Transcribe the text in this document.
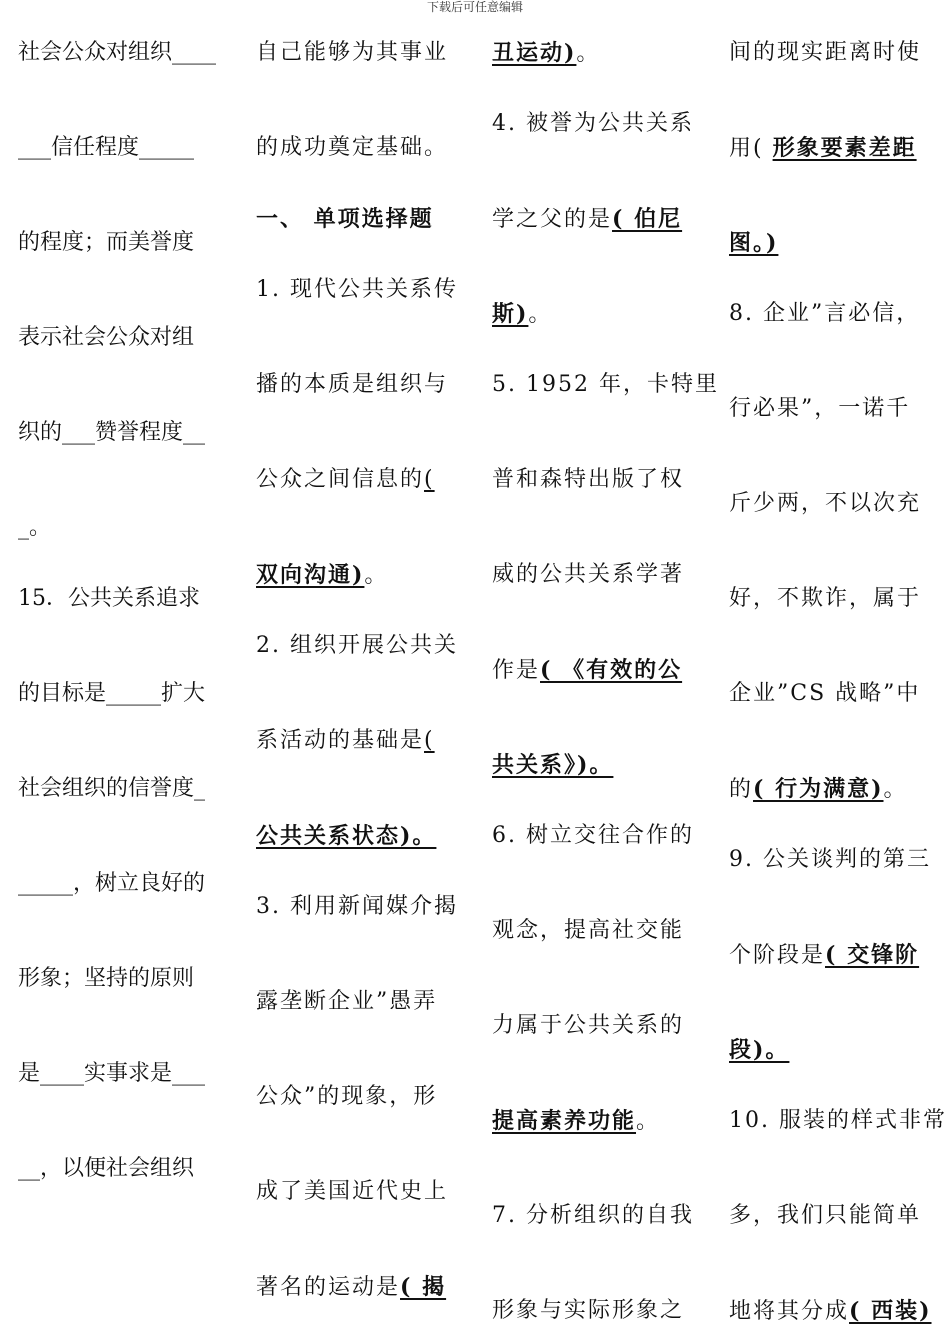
下载后可任意编辑
社会公众对组织____
___信任程度_____
的程度；而美誉度
表示社会公众对组
织的___赞誉程度__
_。
15．公共关系追求
的目标是_____扩大
社会组织的信誉度_
_____，树立良好的
形象；坚持的原则
是____实事求是___
__，以便社会组织
自己能够为其事业
的成功奠定基础。
一、 单项选择题
1. 现代公共关系传
播的本质是组织与
公众之间信息的(
双向沟通)。
2. 组织开展公共关
系活动的基础是(
公共关系状态)。
3. 利用新闻媒介揭
露垄断企业”愚弄
公众”的现象，形
成了美国近代史上
著名的运动是( 揭
丑运动)。
4. 被誉为公共关系
学之父的是( 伯尼
斯)。
5. 1952 年，卡特里
普和森特出版了权
威的公共关系学著
作是( 《有效的公
共关系》)。
6. 树立交往合作的
观念，提高社交能
力属于公共关系的
提高素养功能。
7. 分析组织的自我
形象与实际形象之
间的现实距离时使
用( 形象要素差距
图。)
8. 企业”言必信，
行必果”，一诺千
斤少两，不以次充
好，不欺诈，属于
企业”CS 战略”中
的( 行为满意)。
9. 公关谈判的第三
个阶段是( 交锋阶
段)。
10. 服装的样式非常
多，我们只能简单
地将其分成( 西装)
